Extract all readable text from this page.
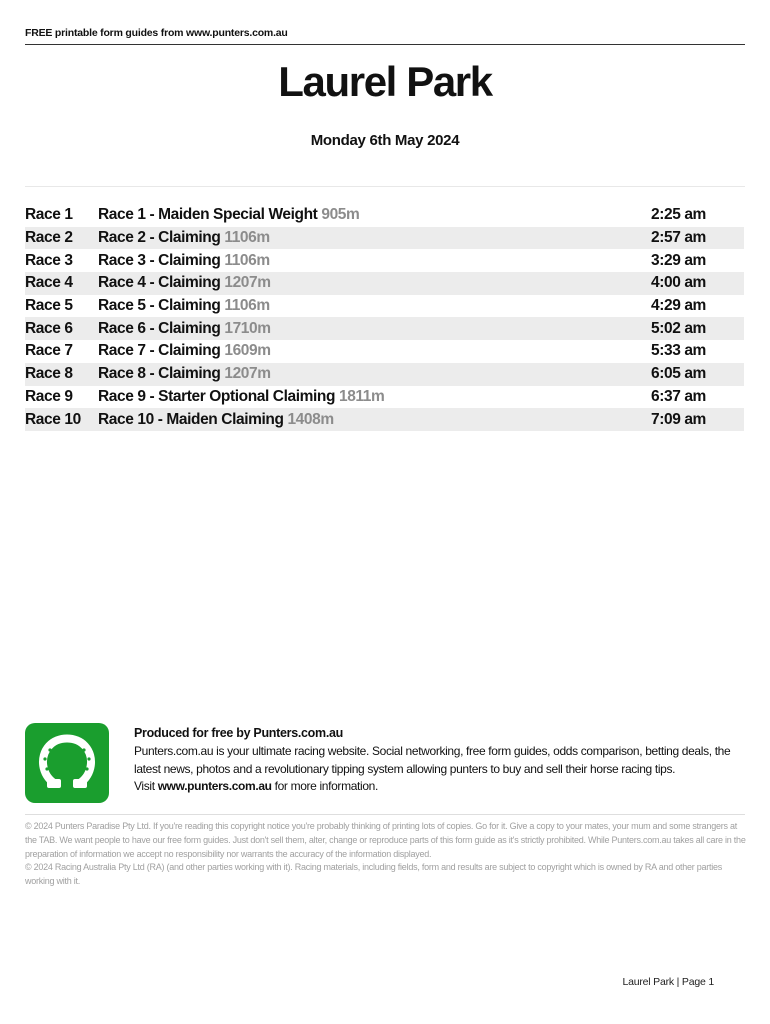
FREE printable form guides from www.punters.com.au
Laurel Park
Monday 6th May 2024
Race 1	Race 1 - Maiden Special Weight 905m	2:25 am
Race 2	Race 2 - Claiming 1106m	2:57 am
Race 3	Race 3 - Claiming 1106m	3:29 am
Race 4	Race 4 - Claiming 1207m	4:00 am
Race 5	Race 5 - Claiming 1106m	4:29 am
Race 6	Race 6 - Claiming 1710m	5:02 am
Race 7	Race 7 - Claiming 1609m	5:33 am
Race 8	Race 8 - Claiming 1207m	6:05 am
Race 9	Race 9 - Starter Optional Claiming 1811m	6:37 am
Race 10	Race 10 - Maiden Claiming 1408m	7:09 am
Produced for free by Punters.com.au
Punters.com.au is your ultimate racing website. Social networking, free form guides, odds comparison, betting deals, the latest news, photos and a revolutionary tipping system allowing punters to buy and sell their horse racing tips.
Visit www.punters.com.au for more information.

© 2024 Punters Paradise Pty Ltd. If you're reading this copyright notice you're probably thinking of printing lots of copies. Go for it. Give a copy to your mates, your mum and some strangers at the TAB. We want people to have our free form guides. Just don't sell them, alter, change or reproduce parts of this form guide as it's strictly prohibited. While Punters.com.au takes all care in the preparation of information we accept no responsibility nor warrants the accuracy of the information displayed.

© 2024 Racing Australia Pty Ltd (RA) (and other parties working with it). Racing materials, including fields, form and results are subject to copyright which is owned by RA and other parties working with it.

Laurel Park | Page 1
